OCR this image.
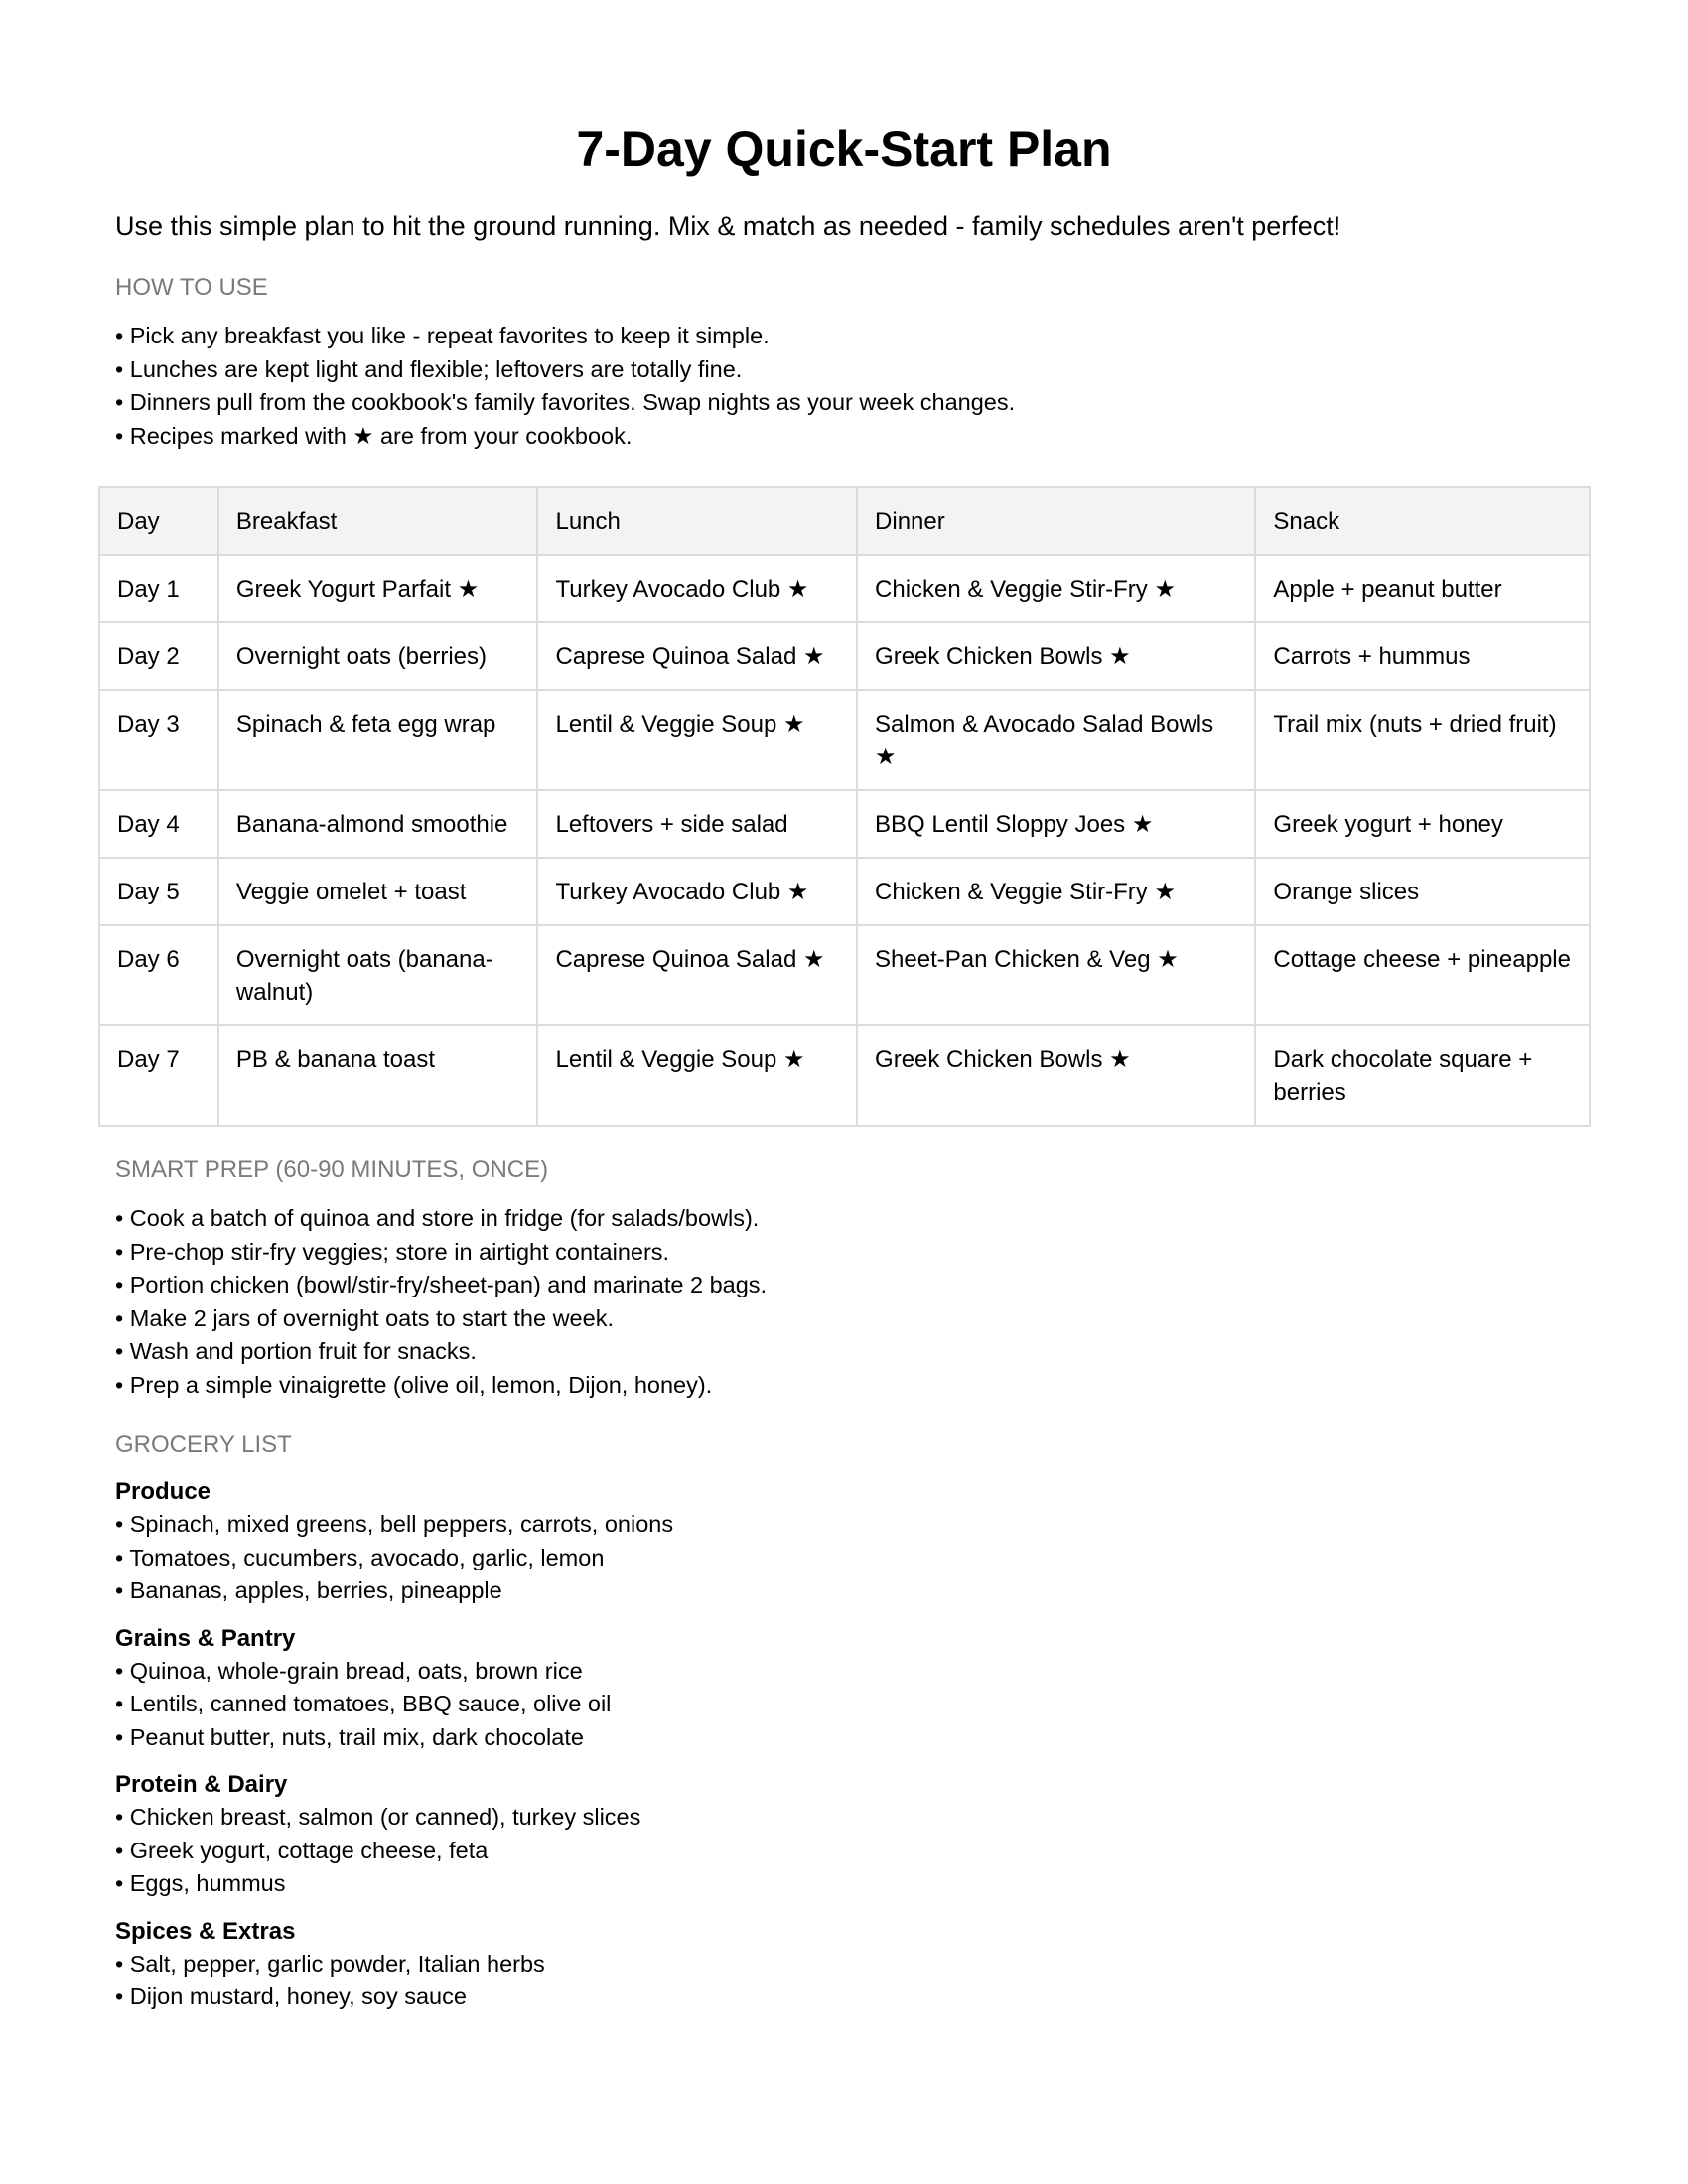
7-Day Quick-Start Plan

Use this simple plan to hit the ground running. Mix & match as needed - family schedules aren't perfect!

HOW TO USE
• Pick any breakfast you like - repeat favorites to keep it simple.
• Lunches are kept light and flexible; leftovers are totally fine.
• Dinners pull from the cookbook's family favorites. Swap nights as your week changes.
• Recipes marked with ★ are from your cookbook.
Day	Breakfast	Lunch	Dinner	Snack
Day 1	Greek Yogurt Parfait ★	Turkey Avocado Club ★	Chicken & Veggie Stir-Fry ★	Apple + peanut butter
Day 2	Overnight oats (berries)	Caprese Quinoa Salad ★	Greek Chicken Bowls ★	Carrots + hummus
Day 3	Spinach & feta egg wrap	Lentil & Veggie Soup ★	Salmon & Avocado Salad Bowls ★	Trail mix (nuts + dried fruit)
Day 4	Banana-almond smoothie	Leftovers + side salad	BBQ Lentil Sloppy Joes ★	Greek yogurt + honey
Day 5	Veggie omelet + toast	Turkey Avocado Club ★	Chicken & Veggie Stir-Fry ★	Orange slices
Day 6	Overnight oats (banana-walnut)	Caprese Quinoa Salad ★	Sheet-Pan Chicken & Veg ★	Cottage cheese + pineapple
Day 7	PB & banana toast	Lentil & Veggie Soup ★	Greek Chicken Bowls ★	Dark chocolate square + berries
SMART PREP (60-90 MINUTES, ONCE)
• Cook a batch of quinoa and store in fridge (for salads/bowls).
• Pre-chop stir-fry veggies; store in airtight containers.
• Portion chicken (bowl/stir-fry/sheet-pan) and marinate 2 bags.
• Make 2 jars of overnight oats to start the week.
• Wash and portion fruit for snacks.
• Prep a simple vinaigrette (olive oil, lemon, Dijon, honey).
GROCERY LIST
Produce
• Spinach, mixed greens, bell peppers, carrots, onions
• Tomatoes, cucumbers, avocado, garlic, lemon
• Bananas, apples, berries, pineapple
Grains & Pantry
• Quinoa, whole-grain bread, oats, brown rice
• Lentils, canned tomatoes, BBQ sauce, olive oil
• Peanut butter, nuts, trail mix, dark chocolate
Protein & Dairy
• Chicken breast, salmon (or canned), turkey slices
• Greek yogurt, cottage cheese, feta
• Eggs, hummus
Spices & Extras
• Salt, pepper, garlic powder, Italian herbs
• Dijon mustard, honey, soy sauce
